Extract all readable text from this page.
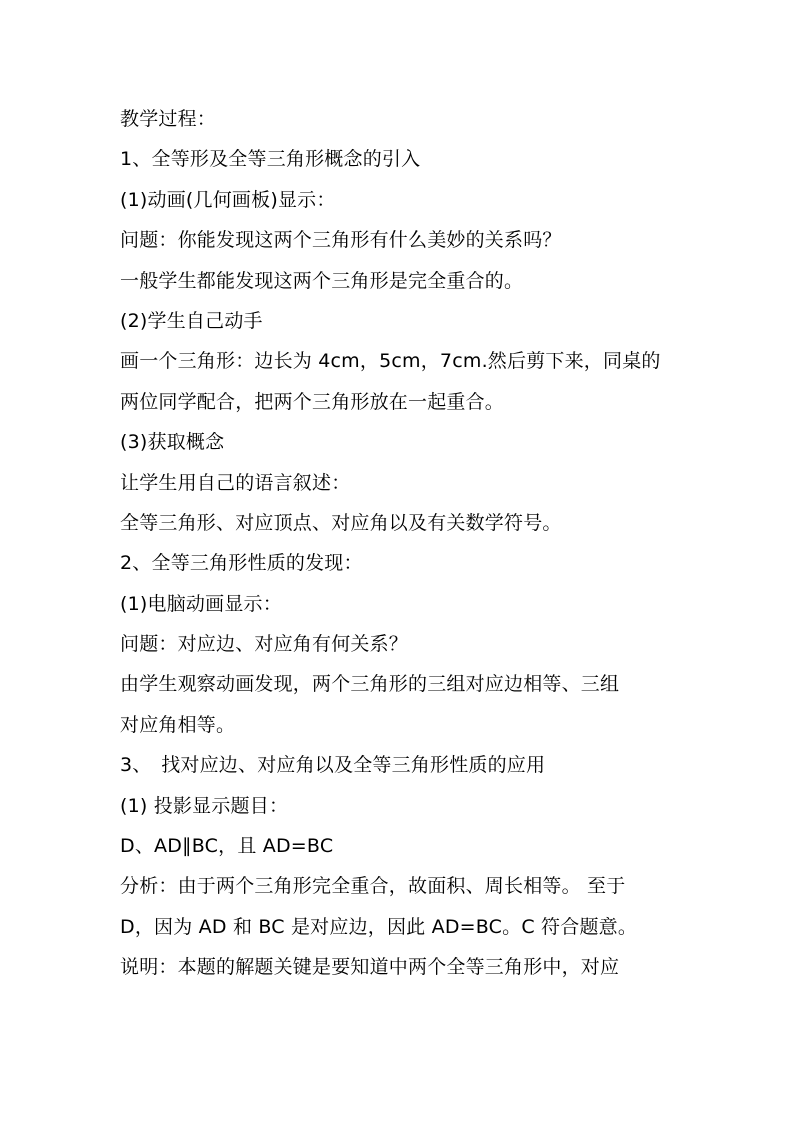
教学过程：
1、全等形及全等三角形概念的引入
(1)动画(几何画板)显示：
问题：你能发现这两个三角形有什么美妙的关系吗？
一般学生都能发现这两个三角形是完全重合的。
(2)学生自己动手
画一个三角形：边长为 4cm，5cm，7cm.然后剪下来，同桌的
两位同学配合，把两个三角形放在一起重合。
(3)获取概念
让学生用自己的语言叙述：
全等三角形、对应顶点、对应角以及有关数学符号。
2、全等三角形性质的发现：
(1)电脑动画显示：
问题：对应边、对应角有何关系？
由学生观察动画发现，两个三角形的三组对应边相等、三组
对应角相等。
3、　找对应边、对应角以及全等三角形性质的应用
(1) 投影显示题目：
D、AD∥BC，且 AD=BC
分析：由于两个三角形完全重合，故面积、周长相等。 至于
D，因为 AD 和 BC 是对应边，因此 AD=BC。C 符合题意。
说明：本题的解题关键是要知道中两个全等三角形中，对应
